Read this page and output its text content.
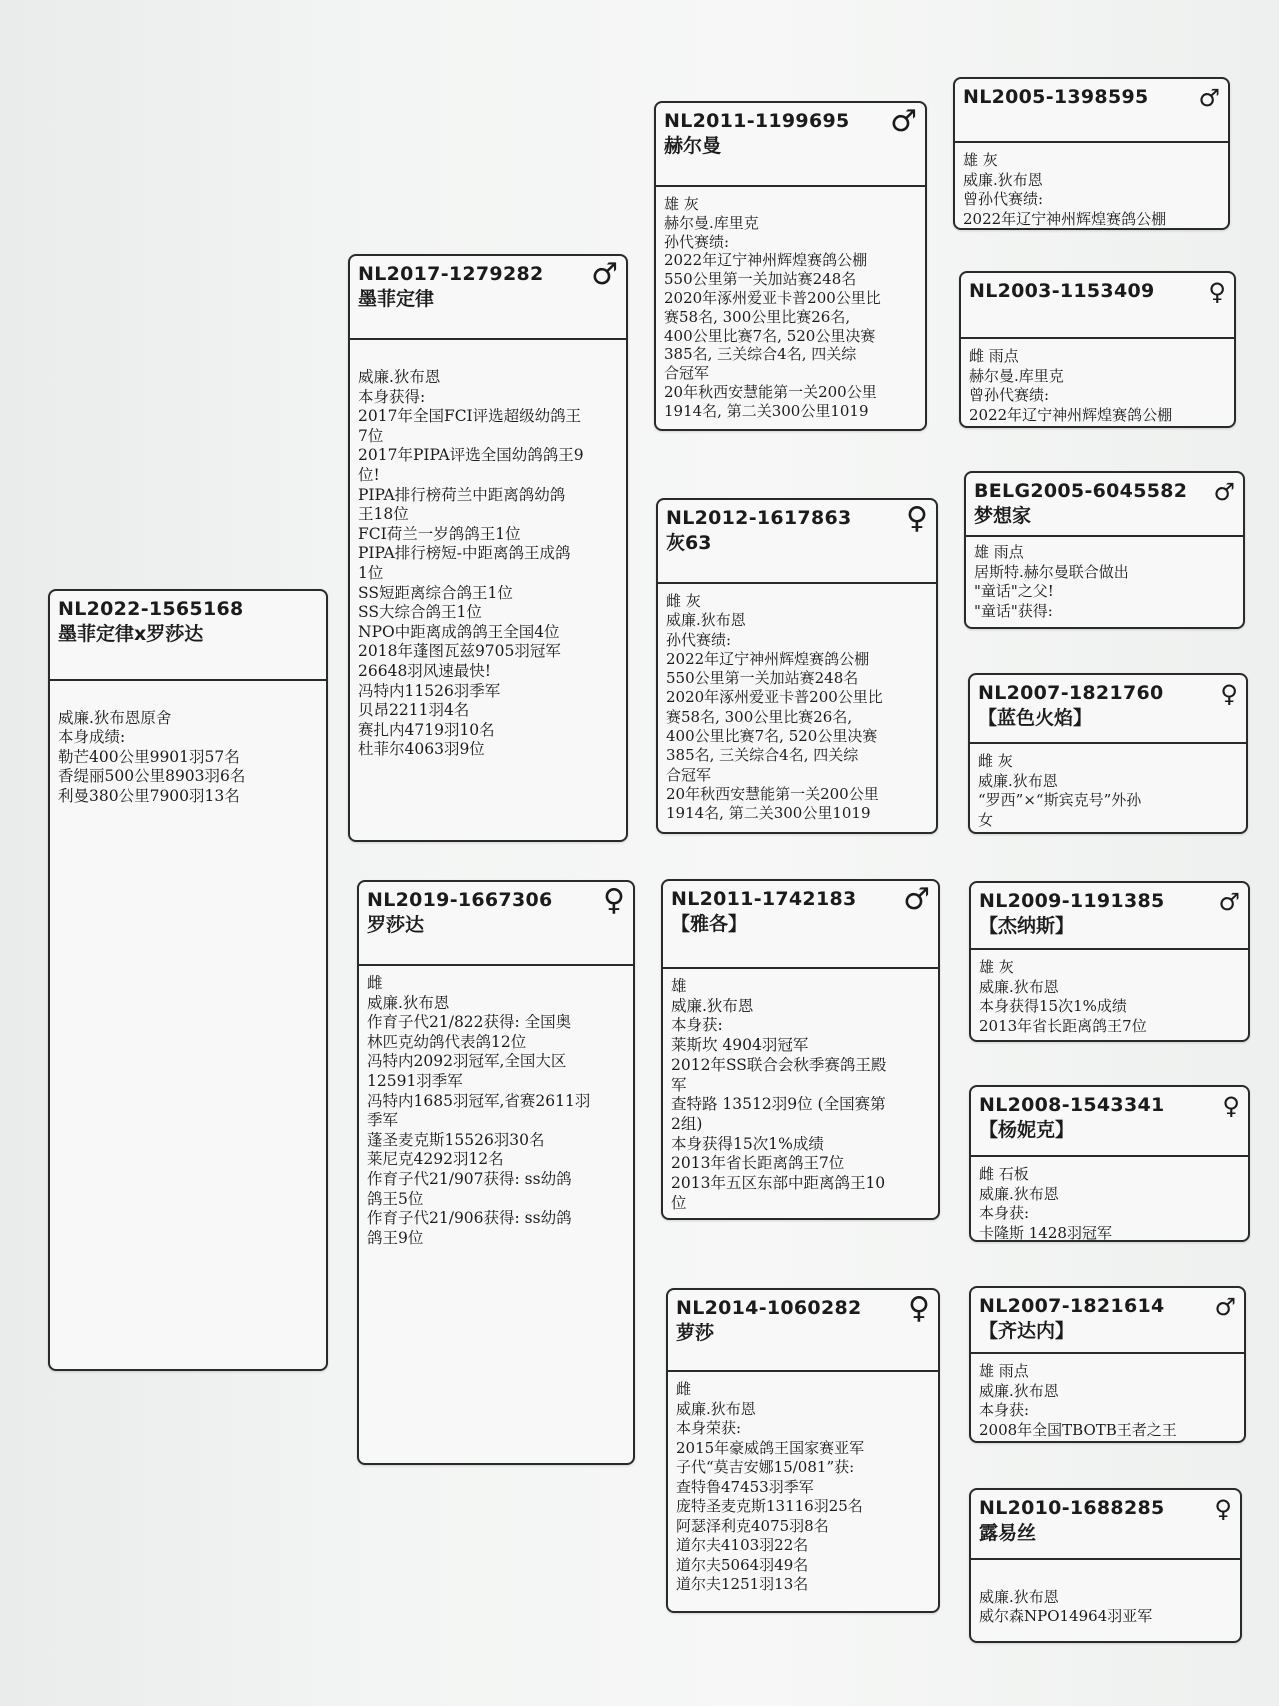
NL2022-1565168
墨菲定律x罗莎达

威廉.狄布恩原舍
本身成绩:
勒芒400公里9901羽57名
香缇丽500公里8903羽6名
利曼380公里7900羽13名
NL2017-1279282
墨菲定律
♂
威廉.狄布恩
本身获得:
2017年全国FCI评选超级幼鸽王
7位
2017年PIPA评选全国幼鸽鸽王9
位!
PIPA排行榜荷兰中距离鸽幼鸽
王18位
FCI荷兰一岁鸽鸽王1位
PIPA排行榜短-中距离鸽王成鸽
1位
SS短距离综合鸽王1位
SS大综合鸽王1位
NPO中距离成鸽鸽王全国4位
2018年蓬图瓦兹9705羽冠军
26648羽风速最快!
冯特内11526羽季军
贝昂2211羽4名
赛扎内4719羽10名
杜菲尔4063羽9位
NL2019-1667306
罗莎达
♀
雌
威廉.狄布恩
作育子代21/822获得: 全国奥
林匹克幼鸽代表鸽12位
冯特内2092羽冠军,全国大区
12591羽季军
冯特内1685羽冠军,省赛2611羽
季军
蓬圣麦克斯15526羽30名
莱尼克4292羽12名
作育子代21/907获得: ss幼鸽
鸽王5位
作育子代21/906获得: ss幼鸽
鸽王9位
NL2011-1199695
赫尔曼
♂
雄 灰
赫尔曼.库里克
孙代赛绩:
2022年辽宁神州辉煌赛鸽公棚
550公里第一关加站赛248名
2020年涿州爱亚卡普200公里比
赛58名, 300公里比赛26名,
400公里比赛7名, 520公里决赛
385名, 三关综合4名, 四关综
合冠军
20年秋西安慧能第一关200公里
1914名, 第二关300公里1019
NL2012-1617863
灰63
♀
雌 灰
威廉.狄布恩
孙代赛绩:
2022年辽宁神州辉煌赛鸽公棚
550公里第一关加站赛248名
2020年涿州爱亚卡普200公里比
赛58名, 300公里比赛26名,
400公里比赛7名, 520公里决赛
385名, 三关综合4名, 四关综
合冠军
20年秋西安慧能第一关200公里
1914名, 第二关300公里1019
NL2011-1742183
【雅各】
♂
雄
威廉.狄布恩
本身获:
莱斯坎 4904羽冠军
2012年SS联合会秋季赛鸽王殿
军
查特路 13512羽9位 (全国赛第
2组)
本身获得15次1%成绩
2013年省长距离鸽王7位
2013年五区东部中距离鸽王10
位
NL2014-1060282
萝莎
♀
雌
威廉.狄布恩
本身荣获:
2015年豪威鸽王国家赛亚军
子代“莫吉安娜15/081”获:
查特鲁47453羽季军
庞特圣麦克斯13116羽25名
阿瑟泽利克4075羽8名
道尔夫4103羽22名
道尔夫5064羽49名
道尔夫1251羽13名
NL2005-1398595	♂
雄 灰
威廉.狄布恩
曾孙代赛绩:
2022年辽宁神州辉煌赛鸽公棚
NL2003-1153409	♀
雌 雨点
赫尔曼.库里克
曾孙代赛绩:
2022年辽宁神州辉煌赛鸽公棚
BELG2005-6045582
梦想家
♂
雄 雨点
居斯特.赫尔曼联合做出
"童话"之父!
"童话"获得:
NL2007-1821760
【蓝色火焰】
♀
雌 灰
威廉.狄布恩
“罗西”×“斯宾克号”外孙
女
NL2009-1191385
【杰纳斯】
♂
雄 灰
威廉.狄布恩
本身获得15次1%成绩
2013年省长距离鸽王7位
NL2008-1543341
【杨妮克】
♀
雌 石板
威廉.狄布恩
本身获:
卡隆斯 1428羽冠军
NL2007-1821614
【齐达内】
♂
雄 雨点
威廉.狄布恩
本身获:
2008年全国TBOTB王者之王
NL2010-1688285
露易丝
♀

威廉.狄布恩
威尔森NPO14964羽亚军
